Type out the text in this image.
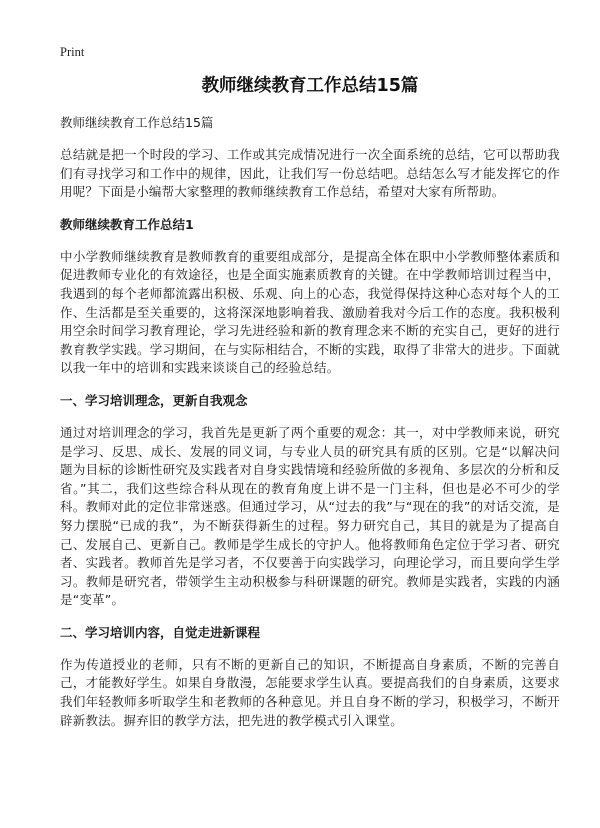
Print
教师继续教育工作总结15篇
教师继续教育工作总结15篇

总结就是把一个时段的学习、工作或其完成情况进行一次全面系统的总结，它可以帮助我们有寻找学习和工作中的规律，因此，让我们写一份总结吧。总结怎么写才能发挥它的作用呢？下面是小编帮大家整理的教师继续教育工作总结，希望对大家有所帮助。

教师继续教育工作总结1

中小学教师继续教育是教师教育的重要组成部分，是提高全体在职中小学教师整体素质和促进教师专业化的有效途径，也是全面实施素质教育的关键。在中学教师培训过程当中，我遇到的每个老师都流露出积极、乐观、向上的心态，我觉得保持这种心态对每个人的工作、生活都是至关重要的，这将深深地影响着我、激励着我对今后工作的态度。我积极利用空余时间学习教育理论，学习先进经验和新的教育理念来不断的充实自己，更好的进行教育教学实践。学习期间，在与实际相结合，不断的实践，取得了非常大的进步。下面就以我一年中的培训和实践来谈谈自己的经验总结。

一、学习培训理念，更新自我观念

通过对培训理念的学习，我首先是更新了两个重要的观念：其一，对中学教师来说，研究是学习、反思、成长、发展的同义词，与专业人员的研究具有质的区别。它是“以解决问题为目标的诊断性研究及实践者对自身实践情境和经验所做的多视角、多层次的分析和反省。”其二，我们这些综合科从现在的教育角度上讲不是一门主科，但也是必不可少的学科。教师对此的定位非常迷惑。但通过学习，从“过去的我”与“现在的我”的对话交流，是努力摆脱“已成的我”，为不断获得新生的过程。努力研究自己，其目的就是为了提高自己、发展自己、更新自己。教师是学生成长的守护人。他将教师角色定位于学习者、研究者、实践者。教师首先是学习者，不仅要善于向实践学习，向理论学习，而且要向学生学习。教师是研究者，带领学生主动积极参与科研课题的研究。教师是实践者，实践的内涵是“变革”。

二、学习培训内容，自觉走进新课程

作为传道授业的老师，只有不断的更新自己的知识，不断提高自身素质，不断的完善自己，才能教好学生。如果自身散漫，怎能要求学生认真。要提高我们的自身素质，这要求我们年轻教师多听取学生和老教师的各种意见。并且自身不断的学习，积极学习，不断开辟新教法。摒弃旧的教学方法，把先进的教学模式引入课堂。
